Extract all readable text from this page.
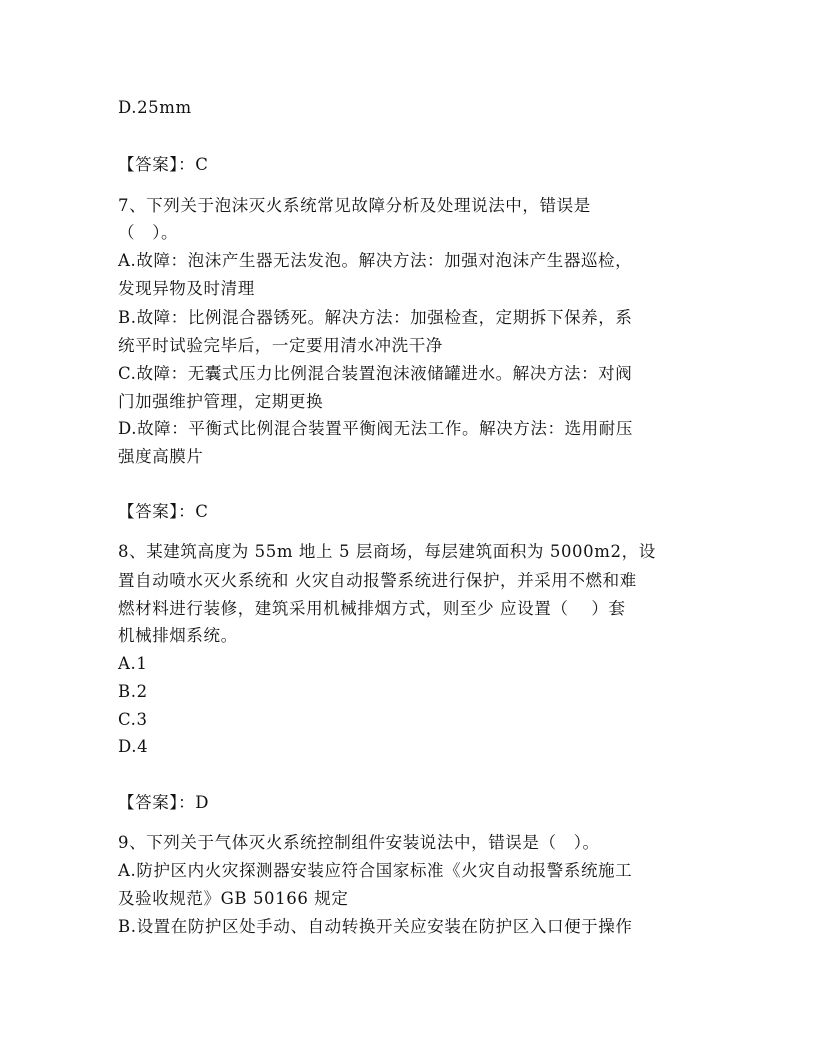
D.25mm
【答案】：C
7、下列关于泡沫灭火系统常见故障分析及处理说法中，错误是
（　）。
A.故障：泡沫产生器无法发泡。解决方法：加强对泡沫产生器巡检，
发现异物及时清理
B.故障：比例混合器锈死。解决方法：加强检查，定期拆下保养，系
统平时试验完毕后，一定要用清水冲洗干净
C.故障：无囊式压力比例混合装置泡沫液储罐进水。解决方法：对阀
门加强维护管理，定期更换
D.故障：平衡式比例混合装置平衡阀无法工作。解决方法：选用耐压
强度高膜片
【答案】：C
8、某建筑高度为 55m 地上 5 层商场，每层建筑面积为 5000m2，设
置自动喷水灭火系统和 火灾自动报警系统进行保护，并采用不燃和难
燃材料进行装修，建筑采用机械排烟方式，则至少 应设置（　 ）套
机械排烟系统。
A.1
B.2
C.3
D.4
【答案】：D
9、下列关于气体灭火系统控制组件安装说法中，错误是（　）。
A.防护区内火灾探测器安装应符合国家标准《火灾自动报警系统施工
及验收规范》GB 50166 规定
B.设置在防护区处手动、自动转换开关应安装在防护区入口便于操作
